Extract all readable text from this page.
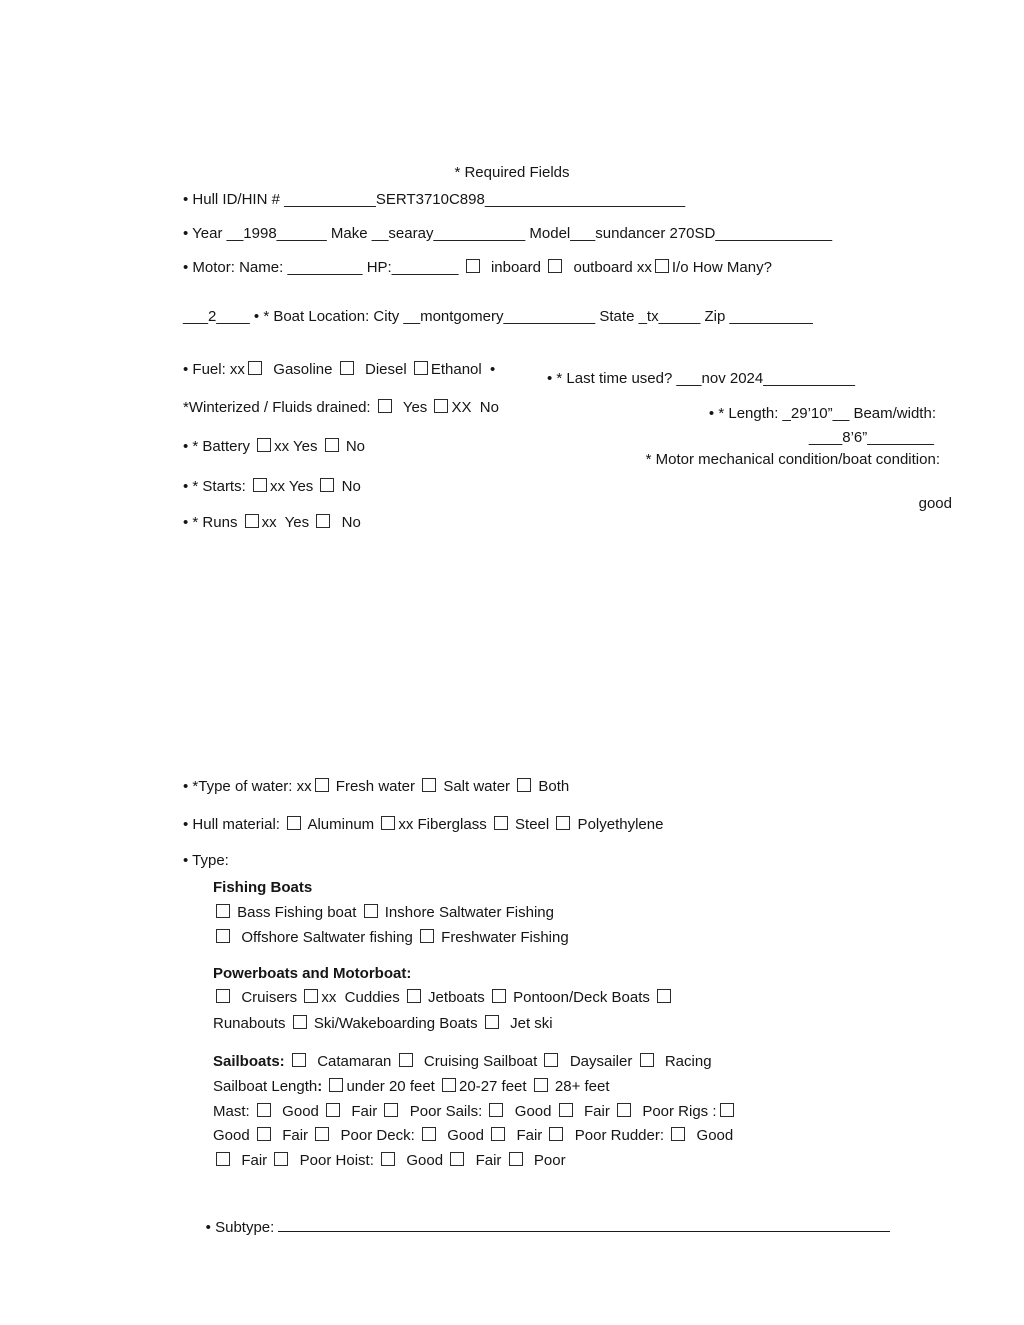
* Required Fields
• Hull ID/HIN # ___________SERT3710C898________________________
• Year __1998______ Make __searay___________ Model___sundancer 270SD______________
• Motor: Name: _________ HP:________   inboard   outboard xx I/o How Many?
___2____ • * Boat Location: City __montgomery___________ State _tx_____ Zip __________
• Fuel: xx  Gasoline   Diesel Ethanol  •
• * Last time used? ___nov 2024___________
*Winterized / Fluids drained:   Yes XX  No	• * Length: _29’10”__ Beam/width:
____8’6”________
• * Battery xx Yes  No
* Motor mechanical condition/boat condition:
• * Starts: xx Yes  No
good
• * Runs xx  Yes   No
• *Type of water: xx Fresh water  Salt water  Both
• Hull material:  Aluminum xx Fiberglass  Steel  Polyethylene
• Type:
Fishing Boats
Bass Fishing boat  Inshore Saltwater Fishing
Offshore Saltwater fishing  Freshwater Fishing
Powerboats and Motorboat:
Cruisers xx  Cuddies  Jetboats  Pontoon/Deck Boats
Runabouts  Ski/Wakeboarding Boats   Jet ski
Sailboats:   Catamaran   Cruising Sailboat   Daysailer   Racing
Sailboat Length: under 20 feet 20-27 feet  28+ feet
Mast:   Good   Fair   Poor Sails:   Good   Fair   Poor Rigs :
Good   Fair   Poor Deck:   Good   Fair   Poor Rudder:   Good
Fair   Poor Hoist:   Good   Fair   Poor

• Subtype:
